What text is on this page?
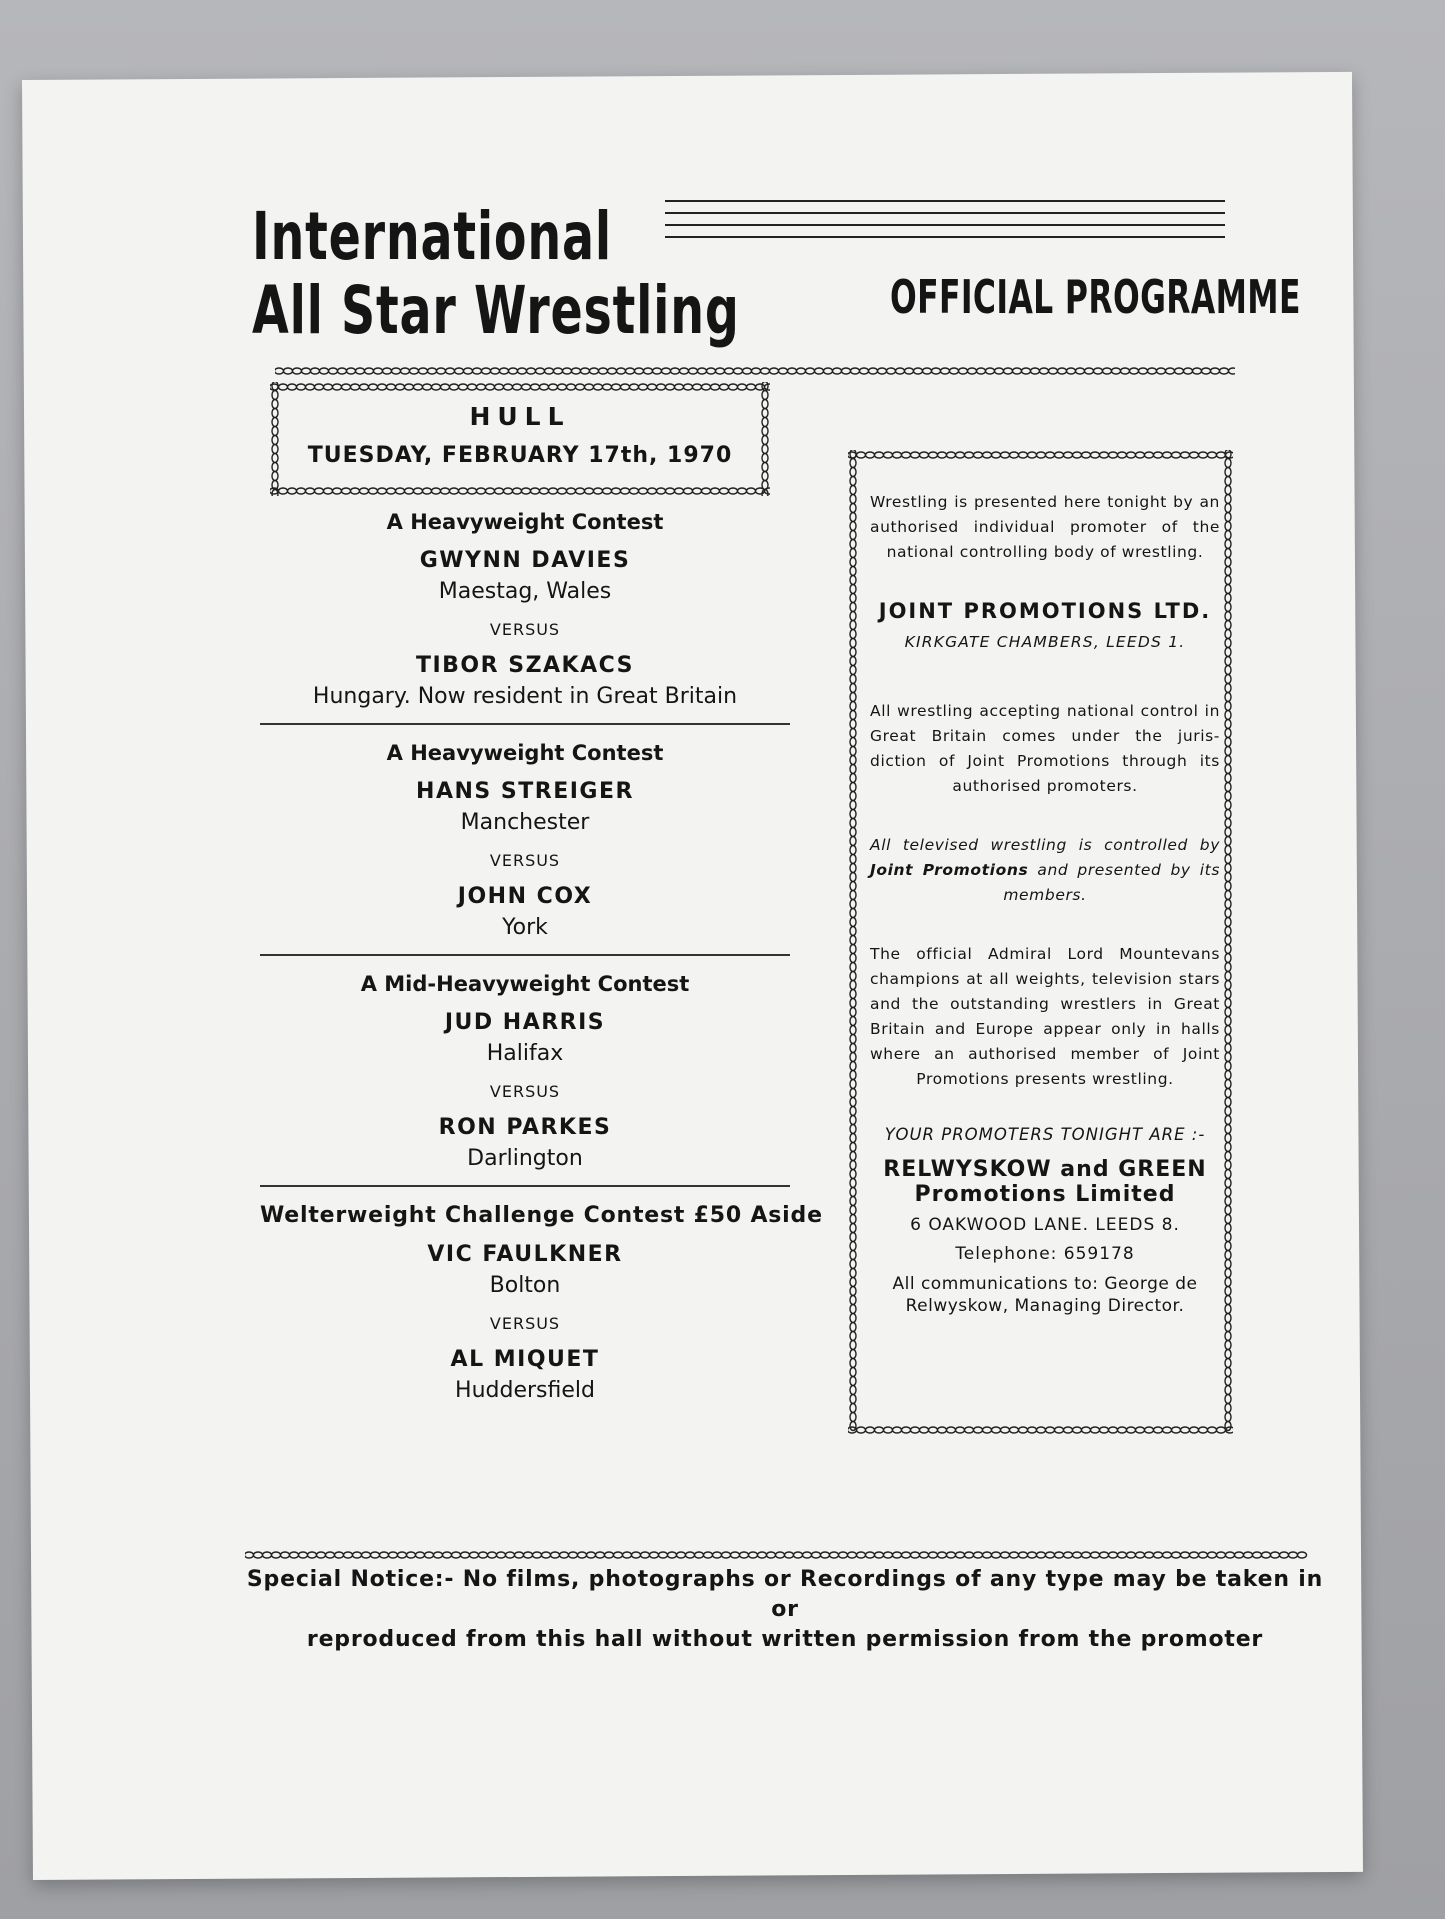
International
All Star Wrestling	OFFICIAL PROGRAMME
HULL
TUESDAY, FEBRUARY 17th, 1970
A Heavyweight Contest
GWYNN DAVIES
Maestag, Wales
VERSUS
TIBOR SZAKACS
Hungary. Now resident in Great Britain
A Heavyweight Contest
HANS STREIGER
Manchester
VERSUS
JOHN COX
York
A Mid-Heavyweight Contest
JUD HARRIS
Halifax
VERSUS
RON PARKES
Darlington
Welterweight Challenge Contest £50 Aside
VIC FAULKNER
Bolton
VERSUS
AL MIQUET
Huddersfield

Wrestling is presented here tonight by an authorised individual promoter of the national controlling body of wrestling.

JOINT PROMOTIONS LTD.
KIRKGATE CHAMBERS, LEEDS 1.

All wrestling accepting national control in Great Britain comes under the juris-diction of Joint Promotions through its authorised promoters.

All televised wrestling is controlled by Joint Promotions and presented by its members.

The official Admiral Lord Mountevans champions at all weights, television stars and the outstanding wrestlers in Great Britain and Europe appear only in halls where an authorised member of Joint Promotions presents wrestling.

YOUR PROMOTERS TONIGHT ARE :-
RELWYSKOW and GREEN
Promotions Limited
6 OAKWOOD LANE. LEEDS 8.
Telephone: 659178
All communications to: George de Relwyskow, Managing Director.
Special Notice:- No films, photographs or Recordings of any type may be taken in or
reproduced from this hall without written permission from the promoter
